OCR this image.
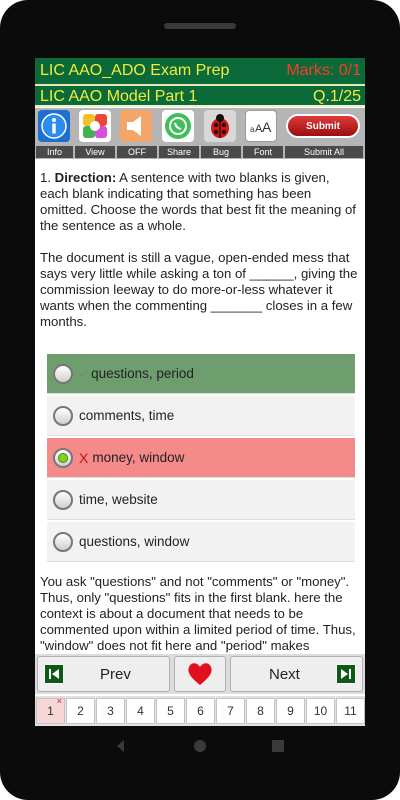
LIC AAO_ADO Exam Prep	Marks: 0/1
LIC AAO Model Part 1	Q.1/25
Info	View	OFF	Share	Bug
a A A
Font
Submit
Submit All

1. Direction: A sentence with two blanks is given, each blank indicating that something has been omitted. Choose the words that best fit the meaning of the sentence as a whole.

The document is still a vague, open-ended mess that says very little while asking a ton of ______, giving the commission leeway to do more-or-less whatever it wants when the commenting _______ closes in a few months.

✔ questions, period
comments, time
X money, window
time, website
questions, window
You ask "questions" and not "comments" or "money". Thus, only "questions" fits in the first blank. here the context is about a document that needs to be commented upon within a limited period of time. Thus, "window" does not fit here and "period" makes
Prev	Next
1
×
2 3 4 5 6 7 8 9 10 11
